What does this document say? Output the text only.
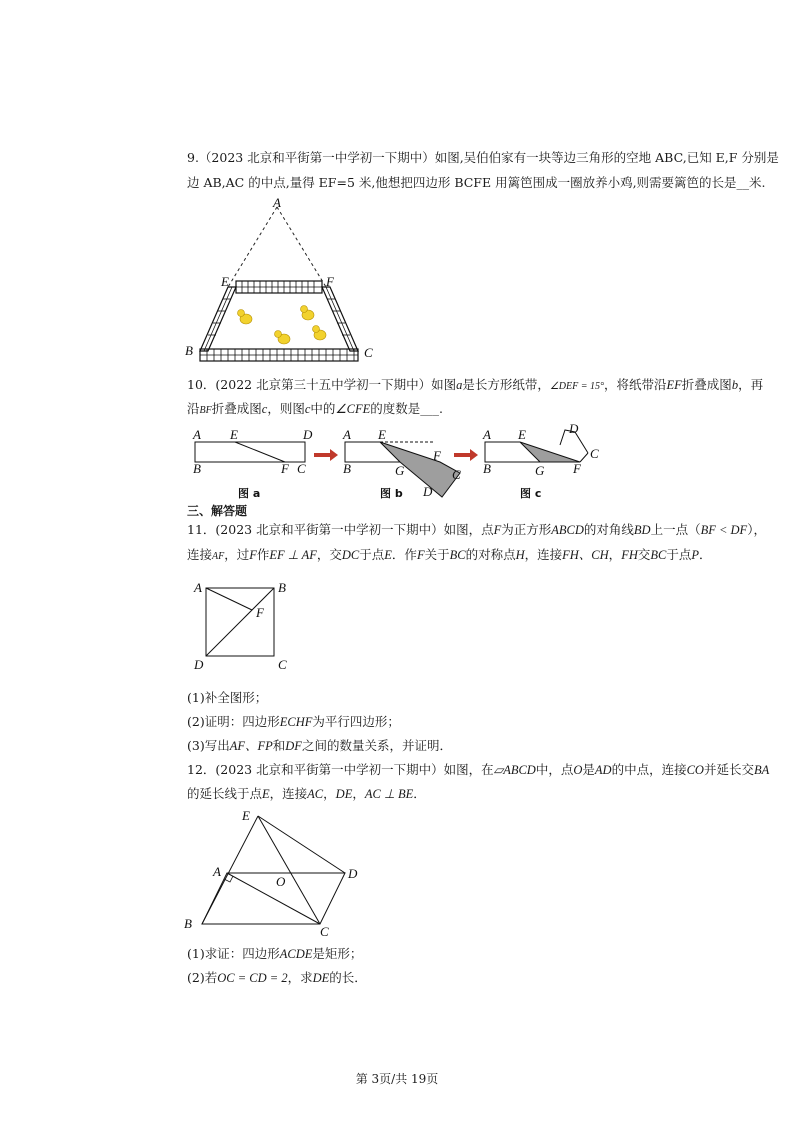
9.（2023 北京和平街第一中学初一下期中）如图,吴伯伯家有一块等边三角形的空地 ABC,已知 E,F 分别是
边 AB,AC 的中点,量得 EF=5 米,他想把四边形 BCFE 用篱笆围成一圈放养小鸡,则需要篱笆的长是__米.
A
E	F
B	C
10．(2022 北京第三十五中学初一下期中）如图a是长方形纸带，∠DEF = 15°，将纸带沿EF折叠成图b，再
沿BF折叠成图c，则图c中的∠CFE的度数是___.
A E	D
B	F C
A E
B	G
F
C
D
A E
B	G F
C
D
图 a	图 b	图 c
三、解答题
11．(2023 北京和平街第一中学初一下期中）如图，点F为正方形ABCD的对角线BD上一点（BF < DF），
连接AF，过F作EF ⊥ AF，交DC于点E．作F关于BC的对称点H，连接FH、CH，FH交BC于点P．
A	B
F
D	C
(1)补全图形；
(2)证明：四边形ECHF为平行四边形；
(3)写出AF、FP和DF之间的数量关系，并证明．
12．(2023 北京和平街第一中学初一下期中）如图，在▱ABCD中，点O是AD的中点，连接CO并延长交BA
的延长线于点E，连接AC，DE，AC ⊥ BE．
E
A
O
D
B
C
(1)求证：四边形ACDE是矩形；
(2)若OC = CD = 2，求DE的长．
第 3页/共 19页
